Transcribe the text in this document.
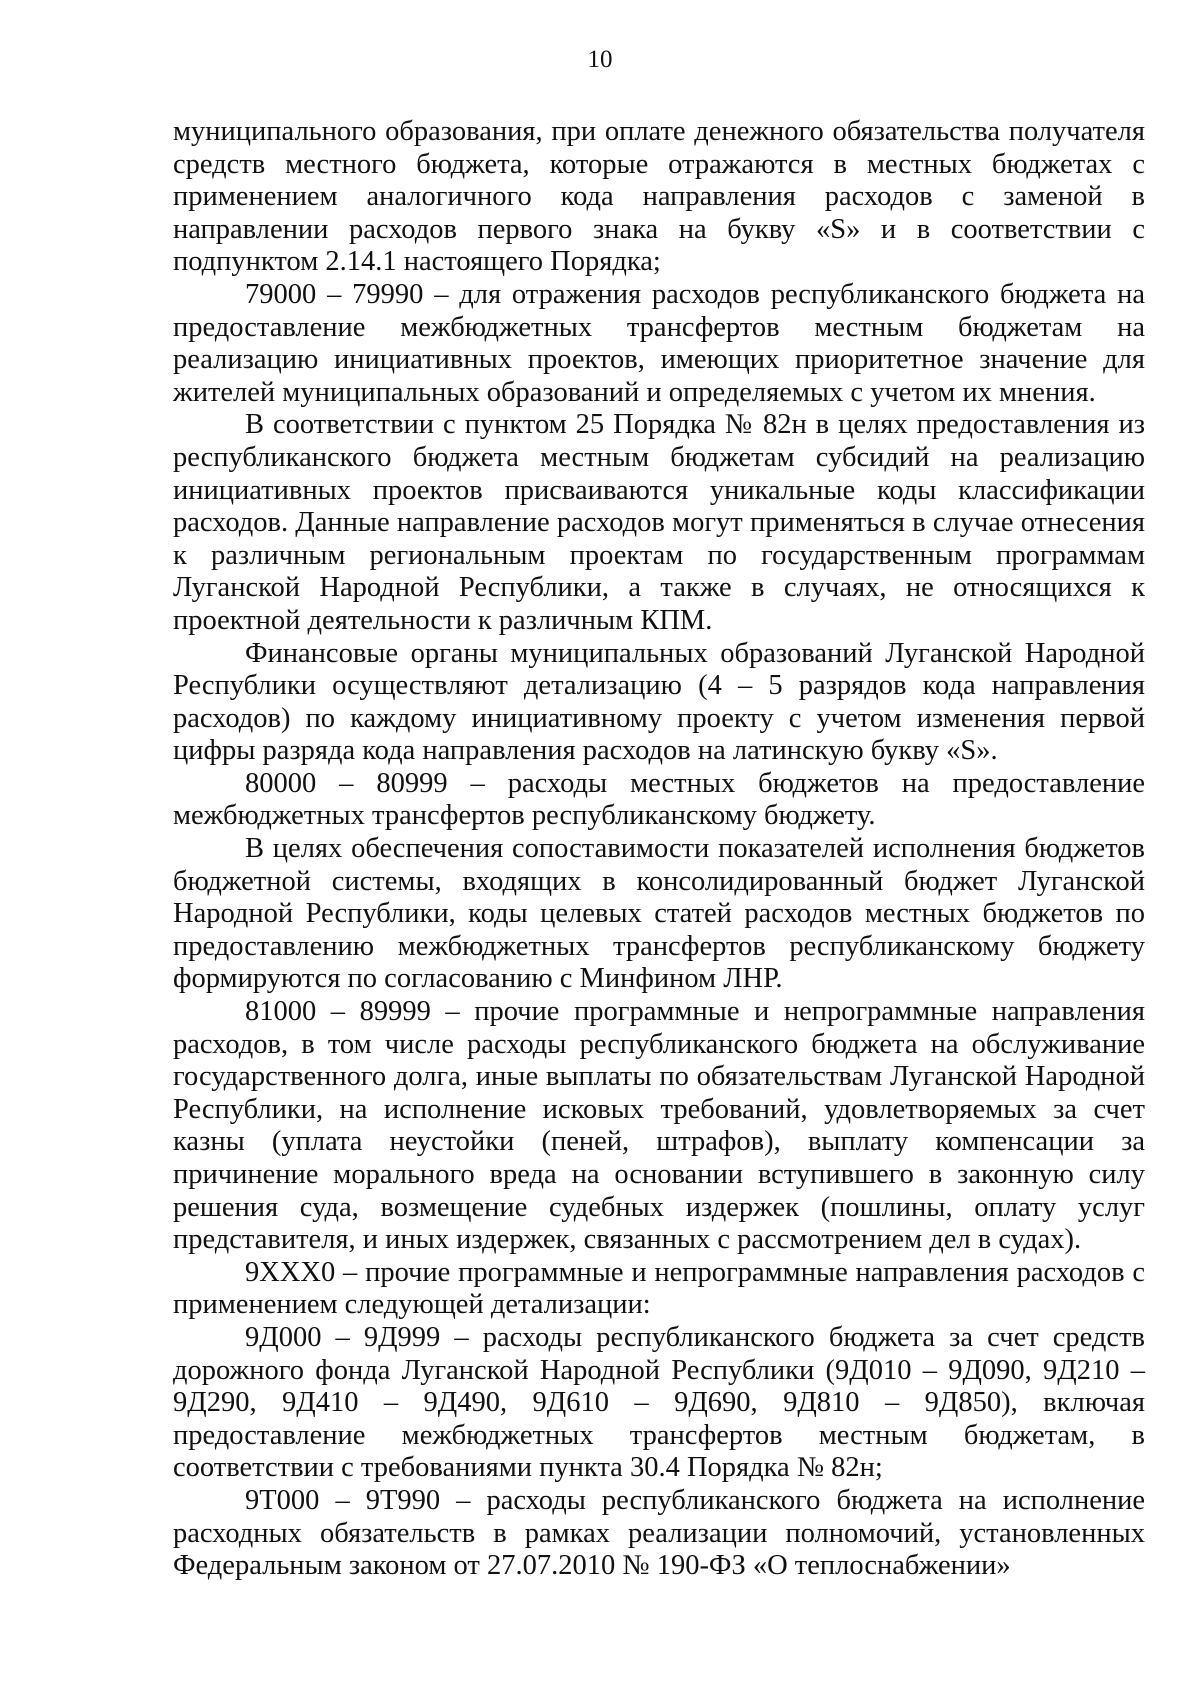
10

муниципального образования, при оплате денежного обязательства получателя средств местного бюджета, которые отражаются в местных бюджетах с применением аналогичного кода направления расходов с заменой в направлении расходов первого знака на букву «S» и в соответствии с подпунктом 2.14.1 настоящего Порядка;

79000 – 79990 – для отражения расходов республиканского бюджета на предоставление межбюджетных трансфертов местным бюджетам на реализацию инициативных проектов, имеющих приоритетное значение для жителей муниципальных образований и определяемых с учетом их мнения.

В соответствии с пунктом 25 Порядка № 82н в целях предоставления из республиканского бюджета местным бюджетам субсидий на реализацию инициативных проектов присваиваются уникальные коды классификации расходов. Данные направление расходов могут применяться в случае отнесения к различным региональным проектам по государственным программам Луганской Народной Республики, а также в случаях, не относящихся к проектной деятельности к различным КПМ.

Финансовые органы муниципальных образований Луганской Народной Республики осуществляют детализацию (4 – 5 разрядов кода направления расходов) по каждому инициативному проекту с учетом изменения первой цифры разряда кода направления расходов на латинскую букву «S».

80000 – 80999 – расходы местных бюджетов на предоставление межбюджетных трансфертов республиканскому бюджету.

В целях обеспечения сопоставимости показателей исполнения бюджетов бюджетной системы, входящих в консолидированный бюджет Луганской Народной Республики, коды целевых статей расходов местных бюджетов по предоставлению межбюджетных трансфертов республиканскому бюджету формируются по согласованию с Минфином ЛНР.

81000 – 89999 – прочие программные и непрограммные направления расходов, в том числе расходы республиканского бюджета на обслуживание государственного долга, иные выплаты по обязательствам Луганской Народной Республики, на исполнение исковых требований, удовлетворяемых за счет казны (уплата неустойки (пеней, штрафов), выплату компенсации за причинение морального вреда на основании вступившего в законную силу решения суда, возмещение судебных издержек (пошлины, оплату услуг представителя, и иных издержек, связанных с рассмотрением дел в судах).

9ХХХ0 – прочие программные и непрограммные направления расходов с применением следующей детализации:

9Д000 – 9Д999 – расходы республиканского бюджета за счет средств дорожного фонда Луганской Народной Республики (9Д010 – 9Д090, 9Д210 – 9Д290, 9Д410 – 9Д490, 9Д610 – 9Д690, 9Д810 – 9Д850), включая предоставление межбюджетных трансфертов местным бюджетам, в соответствии с требованиями пункта 30.4 Порядка № 82н;

9Т000 – 9Т990 – расходы республиканского бюджета на исполнение расходных обязательств в рамках реализации полномочий, установленных Федеральным законом от 27.07.2010 № 190-ФЗ «О теплоснабжении»
